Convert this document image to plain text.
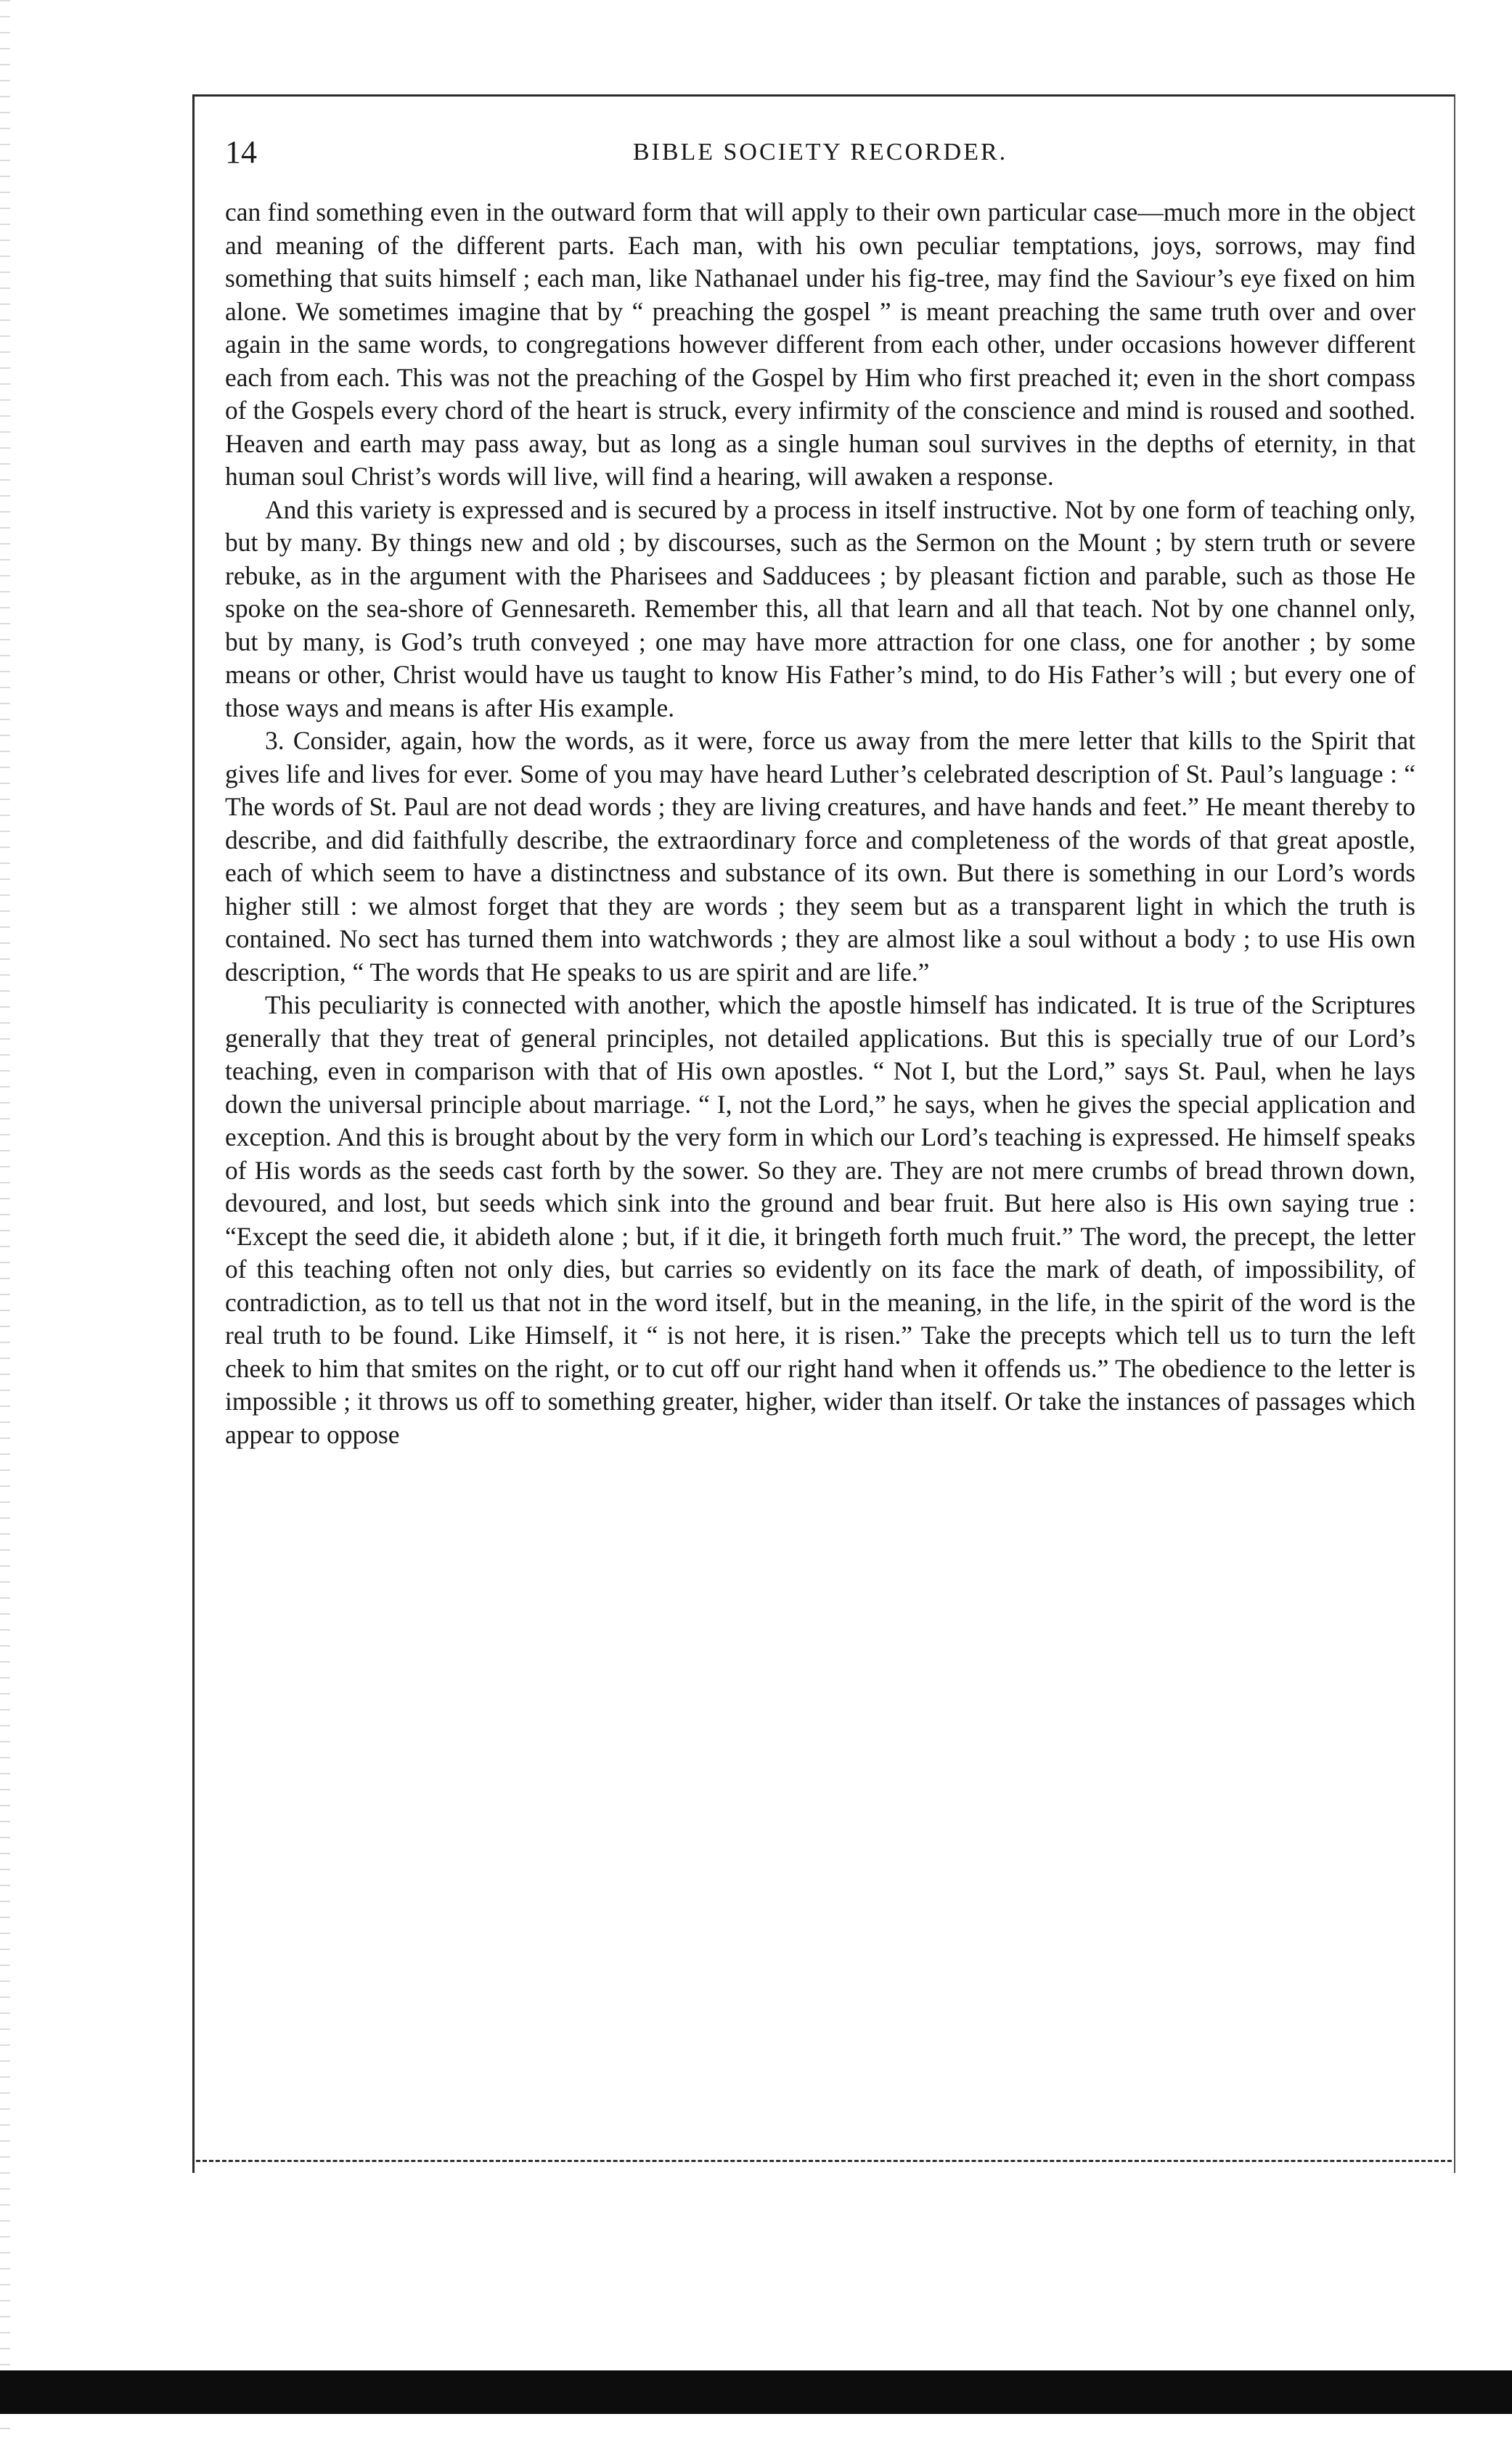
14	BIBLE SOCIETY RECORDER.

can find something even in the outward form that will apply to their own particular case—much more in the object and meaning of the different parts. Each man, with his own peculiar temptations, joys, sorrows, may find something that suits himself ; each man, like Nathanael under his fig-tree, may find the Saviour’s eye fixed on him alone. We sometimes imagine that by “ preaching the gospel ” is meant preaching the same truth over and over again in the same words, to congregations however different from each other, under occasions however different each from each. This was not the preaching of the Gospel by Him who first preached it; even in the short compass of the Gospels every chord of the heart is struck, every infirmity of the conscience and mind is roused and soothed. Heaven and earth may pass away, but as long as a single human soul survives in the depths of eternity, in that human soul Christ’s words will live, will find a hearing, will awaken a response.

And this variety is expressed and is secured by a process in itself instructive. Not by one form of teaching only, but by many. By things new and old ; by discourses, such as the Sermon on the Mount ; by stern truth or severe rebuke, as in the argument with the Pharisees and Sadducees ; by pleasant fiction and parable, such as those He spoke on the sea-shore of Gennesareth. Remember this, all that learn and all that teach. Not by one channel only, but by many, is God’s truth conveyed ; one may have more attraction for one class, one for another ; by some means or other, Christ would have us taught to know His Father’s mind, to do His Father’s will ; but every one of those ways and means is after His example.

3. Consider, again, how the words, as it were, force us away from the mere letter that kills to the Spirit that gives life and lives for ever. Some of you may have heard Luther’s celebrated description of St. Paul’s language : “ The words of St. Paul are not dead words ; they are living creatures, and have hands and feet.” He meant thereby to describe, and did faithfully describe, the extraordinary force and completeness of the words of that great apostle, each of which seem to have a distinctness and substance of its own. But there is something in our Lord’s words higher still : we almost forget that they are words ; they seem but as a transparent light in which the truth is contained. No sect has turned them into watchwords ; they are almost like a soul without a body ; to use His own description, “ The words that He speaks to us are spirit and are life.”

This peculiarity is connected with another, which the apostle himself has indicated. It is true of the Scriptures generally that they treat of general principles, not detailed applications. But this is specially true of our Lord’s teaching, even in comparison with that of His own apostles. “ Not I, but the Lord,” says St. Paul, when he lays down the universal principle about marriage. “ I, not the Lord,” he says, when he gives the special application and exception. And this is brought about by the very form in which our Lord’s teaching is expressed. He himself speaks of His words as the seeds cast forth by the sower. So they are. They are not mere crumbs of bread thrown down, devoured, and lost, but seeds which sink into the ground and bear fruit. But here also is His own saying true : “Except the seed die, it abideth alone ; but, if it die, it bringeth forth much fruit.” The word, the precept, the letter of this teaching often not only dies, but carries so evidently on its face the mark of death, of impossibility, of contradiction, as to tell us that not in the word itself, but in the meaning, in the life, in the spirit of the word is the real truth to be found. Like Himself, it “ is not here, it is risen.” Take the precepts which tell us to turn the left cheek to him that smites on the right, or to cut off our right hand when it offends us.” The obedience to the letter is impossible ; it throws us off to something greater, higher, wider than itself. Or take the instances of passages which appear to oppose
